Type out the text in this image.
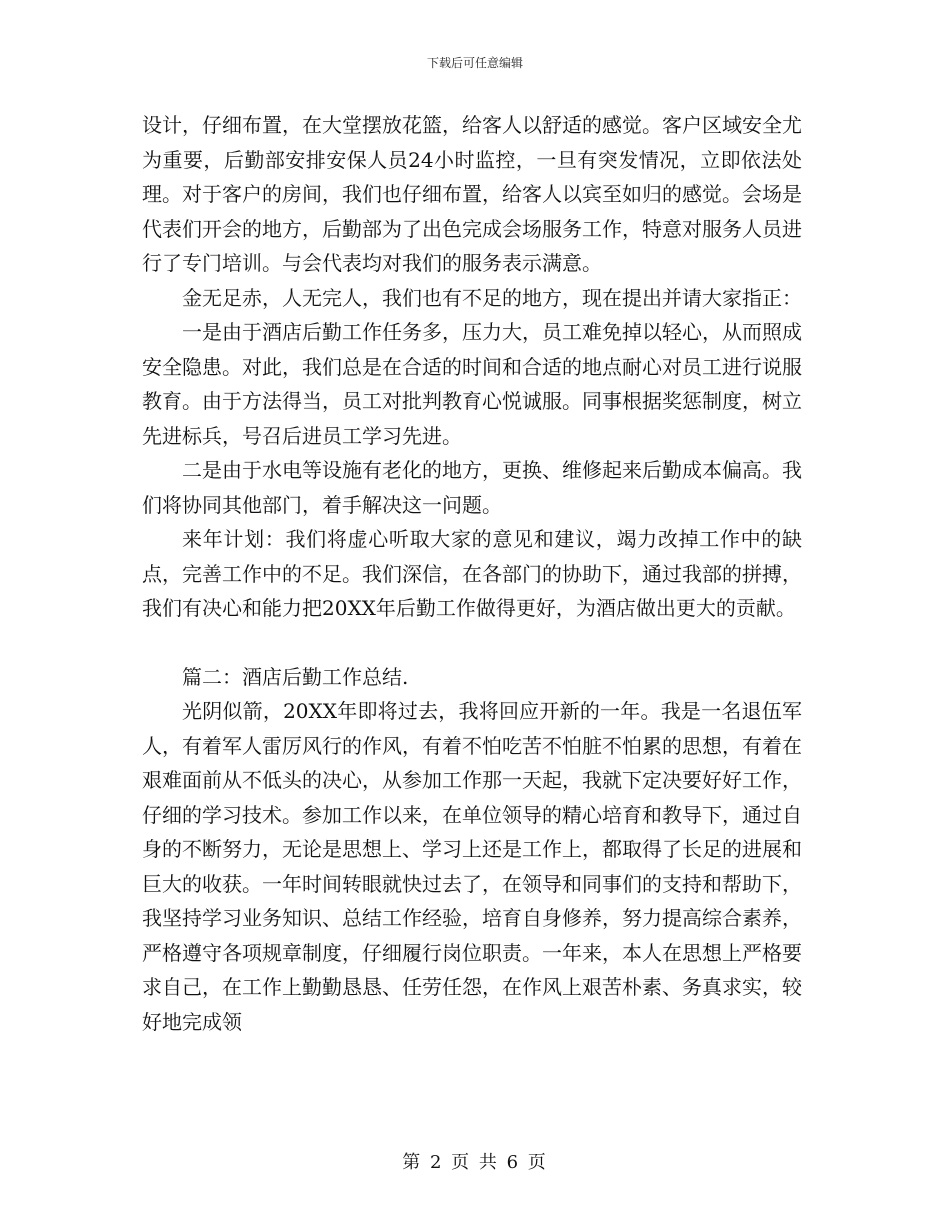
下载后可任意编辑

设计，仔细布置，在大堂摆放花篮，给客人以舒适的感觉。客户区域安全尤为重要，后勤部安排安保人员24小时监控，一旦有突发情况，立即依法处理。对于客户的房间，我们也仔细布置，给客人以宾至如归的感觉。会场是代表们开会的地方，后勤部为了出色完成会场服务工作，特意对服务人员进行了专门培训。与会代表均对我们的服务表示满意。

金无足赤，人无完人，我们也有不足的地方，现在提出并请大家指正：

一是由于酒店后勤工作任务多，压力大，员工难免掉以轻心，从而照成安全隐患。对此，我们总是在合适的时间和合适的地点耐心对员工进行说服教育。由于方法得当，员工对批判教育心悦诚服。同事根据奖惩制度，树立先进标兵，号召后进员工学习先进。

二是由于水电等设施有老化的地方，更换、维修起来后勤成本偏高。我们将协同其他部门，着手解决这一问题。

来年计划：我们将虚心听取大家的意见和建议，竭力改掉工作中的缺点，完善工作中的不足。我们深信，在各部门的协助下，通过我部的拼搏，我们有决心和能力把20XX年后勤工作做得更好，为酒店做出更大的贡献。

篇二：酒店后勤工作总结.

光阴似箭，20XX年即将过去，我将回应开新的一年。我是一名退伍军人，有着军人雷厉风行的作风，有着不怕吃苦不怕脏不怕累的思想，有着在艰难面前从不低头的决心，从参加工作那一天起，我就下定决要好好工作，仔细的学习技术。参加工作以来，在单位领导的精心培育和教导下，通过自身的不断努力，无论是思想上、学习上还是工作上，都取得了长足的进展和巨大的收获。一年时间转眼就快过去了，在领导和同事们的支持和帮助下，我坚持学习业务知识、总结工作经验，培育自身修养，努力提高综合素养，严格遵守各项规章制度，仔细履行岗位职责。一年来，本人在思想上严格要求自己，在工作上勤勤恳恳、任劳任怨，在作风上艰苦朴素、务真求实，较好地完成领

第 2 页 共 6 页
